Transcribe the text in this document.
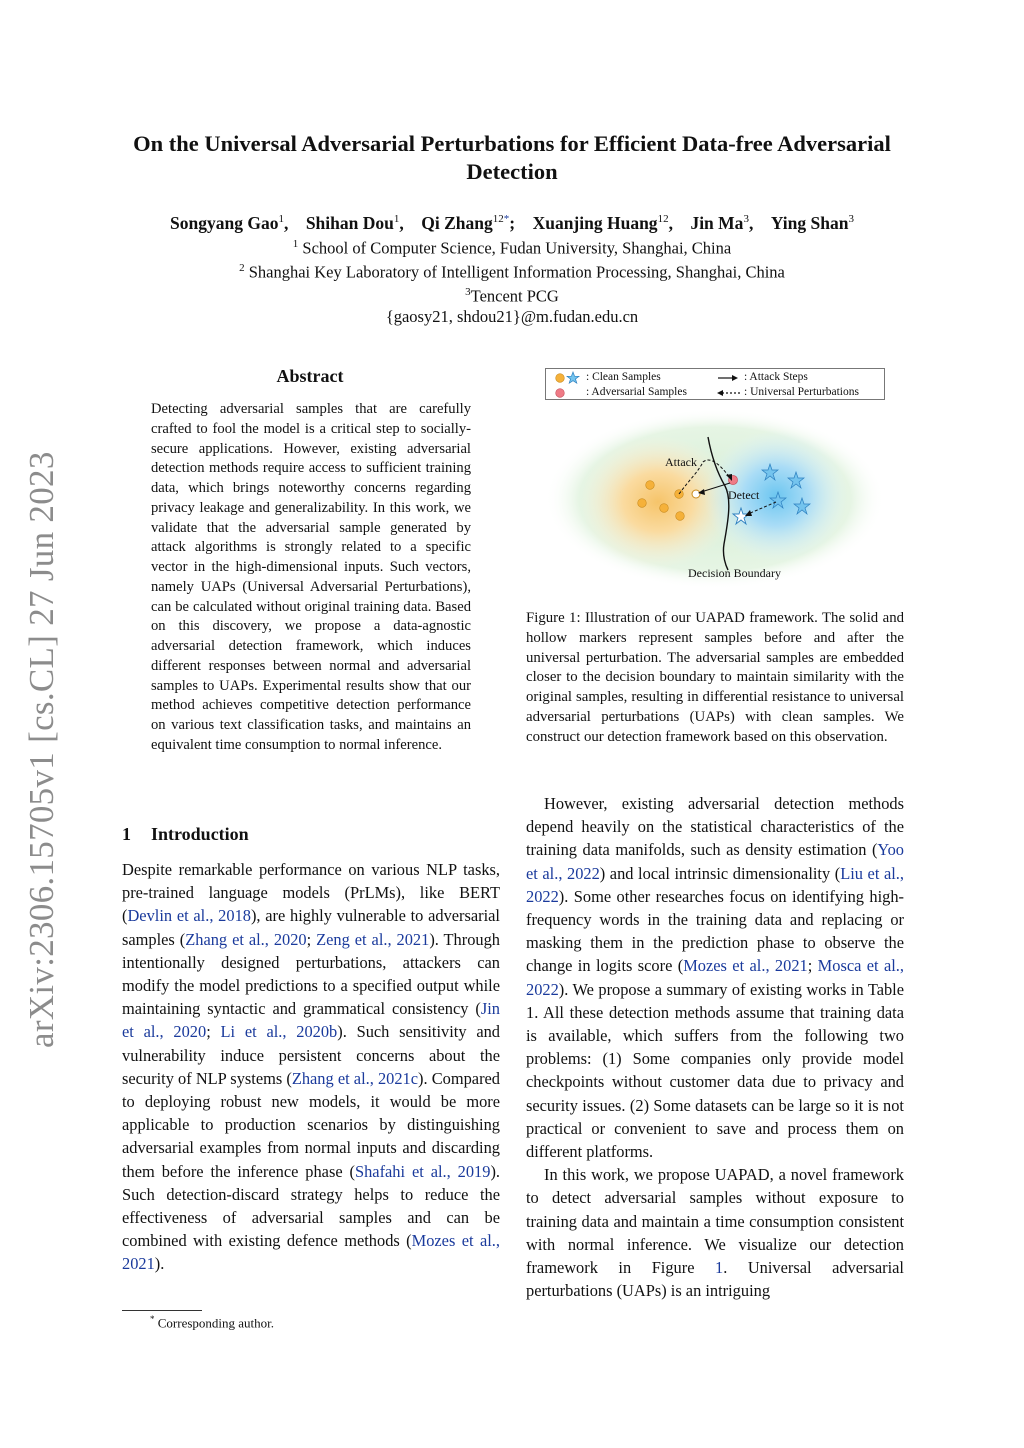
arXiv:2306.15705v1 [cs.CL] 27 Jun 2023
On the Universal Adversarial Perturbations for Efficient Data-free Adversarial Detection
Songyang Gao$^1$, Shihan Dou$^1$, Qi Zhang$^{12*}$; Xuanjing Huang$^{12}$, Jin Ma$^3$, Ying Shan$^3$
$^1$ School of Computer Science, Fudan University, Shanghai, China
$^2$ Shanghai Key Laboratory of Intelligent Information Processing, Shanghai, China
$^3$Tencent PCG
{gaosy21, shdou21}@m.fudan.edu.cn
Abstract
Detecting adversarial samples that are carefully crafted to fool the model is a critical step to socially-secure applications. However, existing adversarial detection methods require access to sufficient training data, which brings noteworthy concerns regarding privacy leakage and generalizability. In this work, we validate that the adversarial sample generated by attack algorithms is strongly related to a specific vector in the high-dimensional inputs. Such vectors, namely UAPs (Universal Adversarial Perturbations), can be calculated without original training data. Based on this discovery, we propose a data-agnostic adversarial detection framework, which induces different responses between normal and adversarial samples to UAPs. Experimental results show that our method achieves competitive detection performance on various text classification tasks, and maintains an equivalent time consumption to normal inference.
1 Introduction

Despite remarkable performance on various NLP tasks, pre-trained language models (PrLMs), like BERT (Devlin et al., 2018), are highly vulnerable to adversarial samples (Zhang et al., 2020; Zeng et al., 2021). Through intentionally designed perturbations, attackers can modify the model predictions to a specified output while maintaining syntactic and grammatical consistency (Jin et al., 2020; Li et al., 2020b). Such sensitivity and vulnerability induce persistent concerns about the security of NLP systems (Zhang et al., 2021c). Compared to deploying robust new models, it would be more applicable to production scenarios by distinguishing adversarial examples from normal inputs and discarding them before the inference phase (Shafahi et al., 2019). Such detection-discard strategy helps to reduce the effectiveness of adversarial samples and can be combined with existing defence methods (Mozes et al., 2021).

However, existing adversarial detection methods depend heavily on the statistical characteristics of the training data manifolds, such as density estimation (Yoo et al., 2022) and local intrinsic dimensionality (Liu et al., 2022). Some other researches focus on identifying high-frequency words in the training data and replacing or masking them in the prediction phase to observe the change in logits score (Mozes et al., 2021; Mosca et al., 2022). We propose a summary of existing works in Table 1. All these detection methods assume that training data is available, which suffers from the following two problems: (1) Some companies only provide model checkpoints without customer data due to privacy and security issues. (2) Some datasets can be large so it is not practical or convenient to save and process them on different platforms.

In this work, we propose UAPAD, a novel framework to detect adversarial samples without exposure to training data and maintain a time consumption consistent with normal inference. We visualize our detection framework in Figure 1. Universal adversarial perturbations (UAPs) is an intriguing

* Corresponding author.
: Clean Samples
: Adversarial Samples
: Attack Steps
: Universal Perturbations
Attack
Detect
Decision Boundary
Figure 1: Illustration of our UAPAD framework. The solid and hollow markers represent samples before and after the universal perturbation. The adversarial samples are embedded closer to the decision boundary to maintain similarity with the original samples, resulting in differential resistance to universal adversarial perturbations (UAPs) with clean samples. We construct our detection framework based on this observation.
